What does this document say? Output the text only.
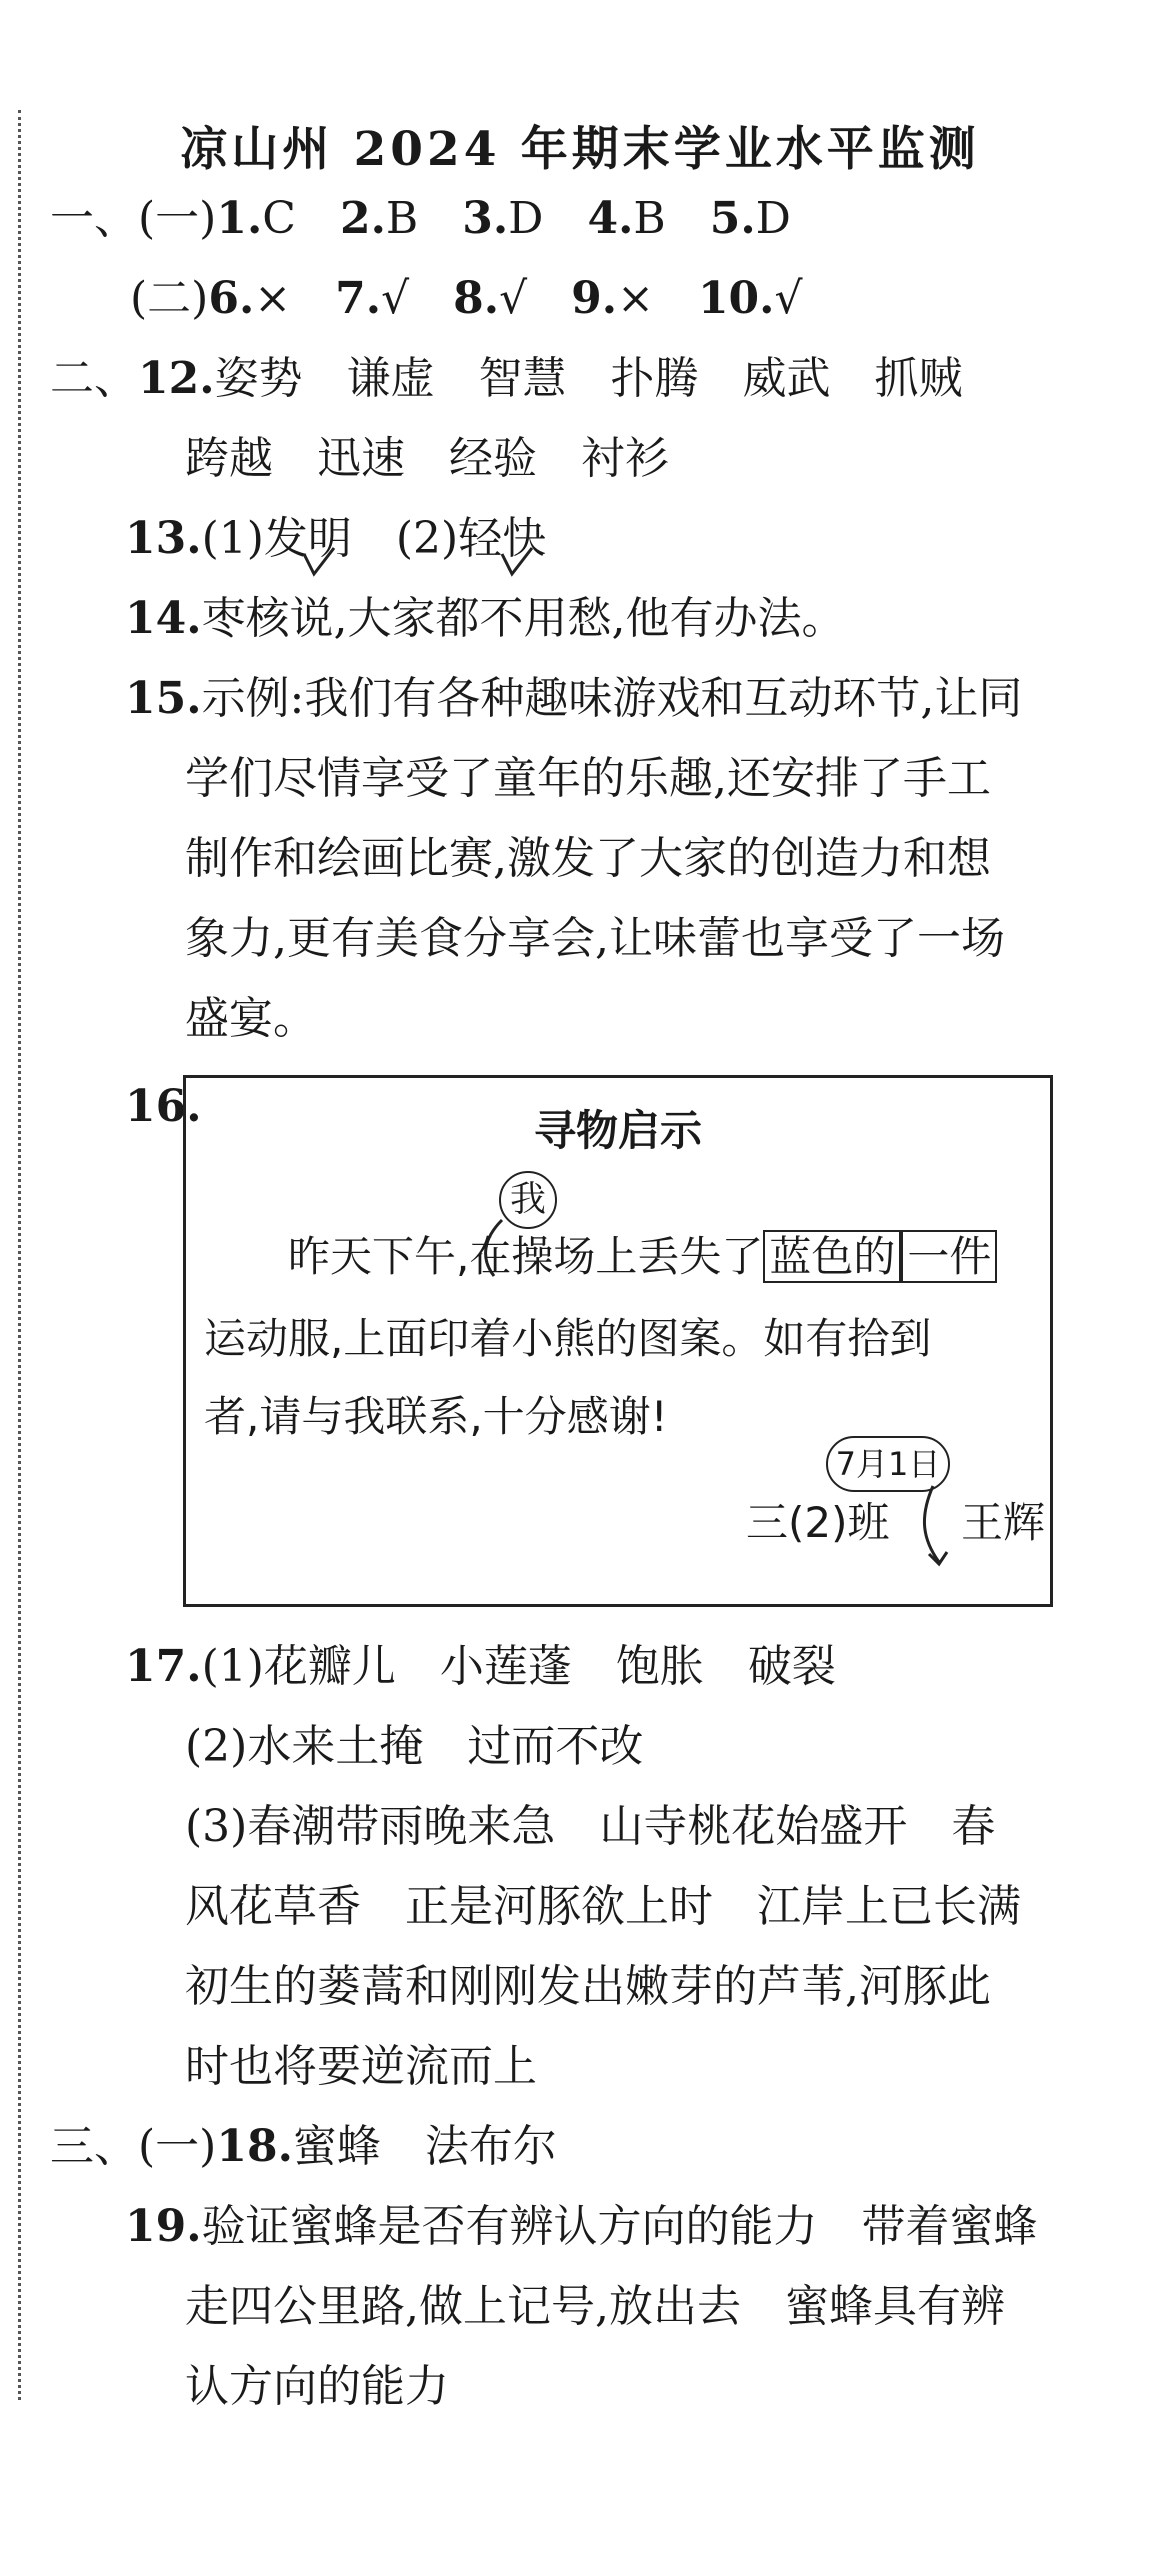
凉山州 2024 年期末学业水平监测
一、(一)1.C　 2.B　 3.D　 4.B　 5.D
(二)6.×　 7.√　 8.√　 9.×　 10.√
二、12.姿势　谦虚　智慧　扑腾　威武　抓贼
跨越　迅速　经验　衬衫
13.(1)发明　(2)轻快
14.枣核说,大家都不用愁,他有办法。
15.示例:我们有各种趣味游戏和互动环节,让同
学们尽情享受了童年的乐趣,还安排了手工
制作和绘画比赛,激发了大家的创造力和想
象力,更有美食分享会,让味蕾也享受了一场
盛宴。
16.	寻物启示
我
　　昨天下午,在操场上丢失了 蓝色的 一件
运动服,上面印着小熊的图案。如有拾到
者,请与我联系,十分感谢!
7月1日
三(2)班 王辉
17.(1)花瓣儿　小莲蓬　饱胀　破裂
(2)水来土掩　过而不改
(3)春潮带雨晚来急　山寺桃花始盛开　春
风花草香　正是河豚欲上时　江岸上已长满
初生的蒌蒿和刚刚发出嫩芽的芦苇,河豚此
时也将要逆流而上
三、(一)18.蜜蜂　法布尔
19.验证蜜蜂是否有辨认方向的能力　带着蜜蜂
走四公里路,做上记号,放出去　蜜蜂具有辨
认方向的能力
